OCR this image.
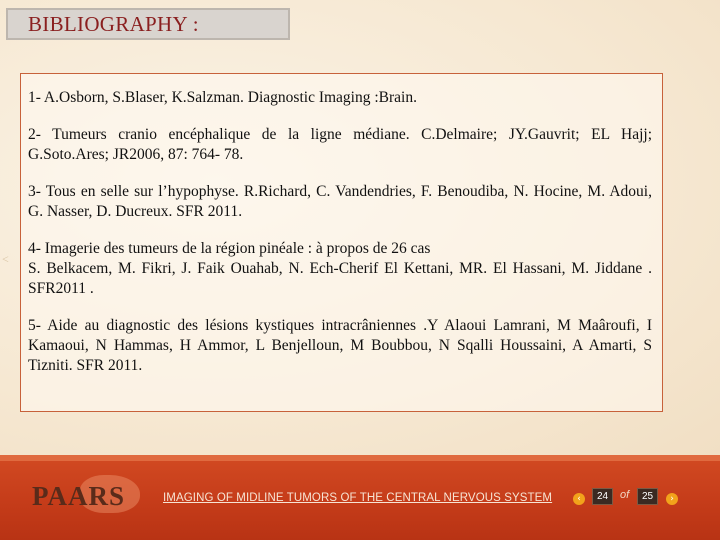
<
BIBLIOGRAPHY :

1- A.Osborn, S.Blaser, K.Salzman. Diagnostic Imaging :Brain.

2- Tumeurs cranio encéphalique de la ligne médiane. C.Delmaire; JY.Gauvrit; EL Hajj; G.Soto.Ares; JR2006, 87: 764- 78.

3- Tous en selle sur l’hypophyse. R.Richard, C. Vandendries, F. Benoudiba, N. Hocine, M. Adoui, G. Nasser, D. Ducreux. SFR 2011.

4- Imagerie des tumeurs de la région pinéale : à propos de 26 cas
S. Belkacem, M. Fikri, J. Faik Ouahab, N. Ech-Cherif El Kettani, MR. El Hassani, M. Jiddane . SFR2011 .

5- Aide au diagnostic des lésions kystiques intracrâniennes .Y Alaoui Lamrani, M Maâroufi, I Kamaoui, N Hammas, H Ammor, L Benjelloun, M Boubbou, N Sqalli Houssaini, A Amarti, S Tizniti. SFR 2011.

PAARS	IMAGING OF MIDLINE TUMORS OF THE CENTRAL NERVOUS SYSTEM	‹	24	of	25	›
